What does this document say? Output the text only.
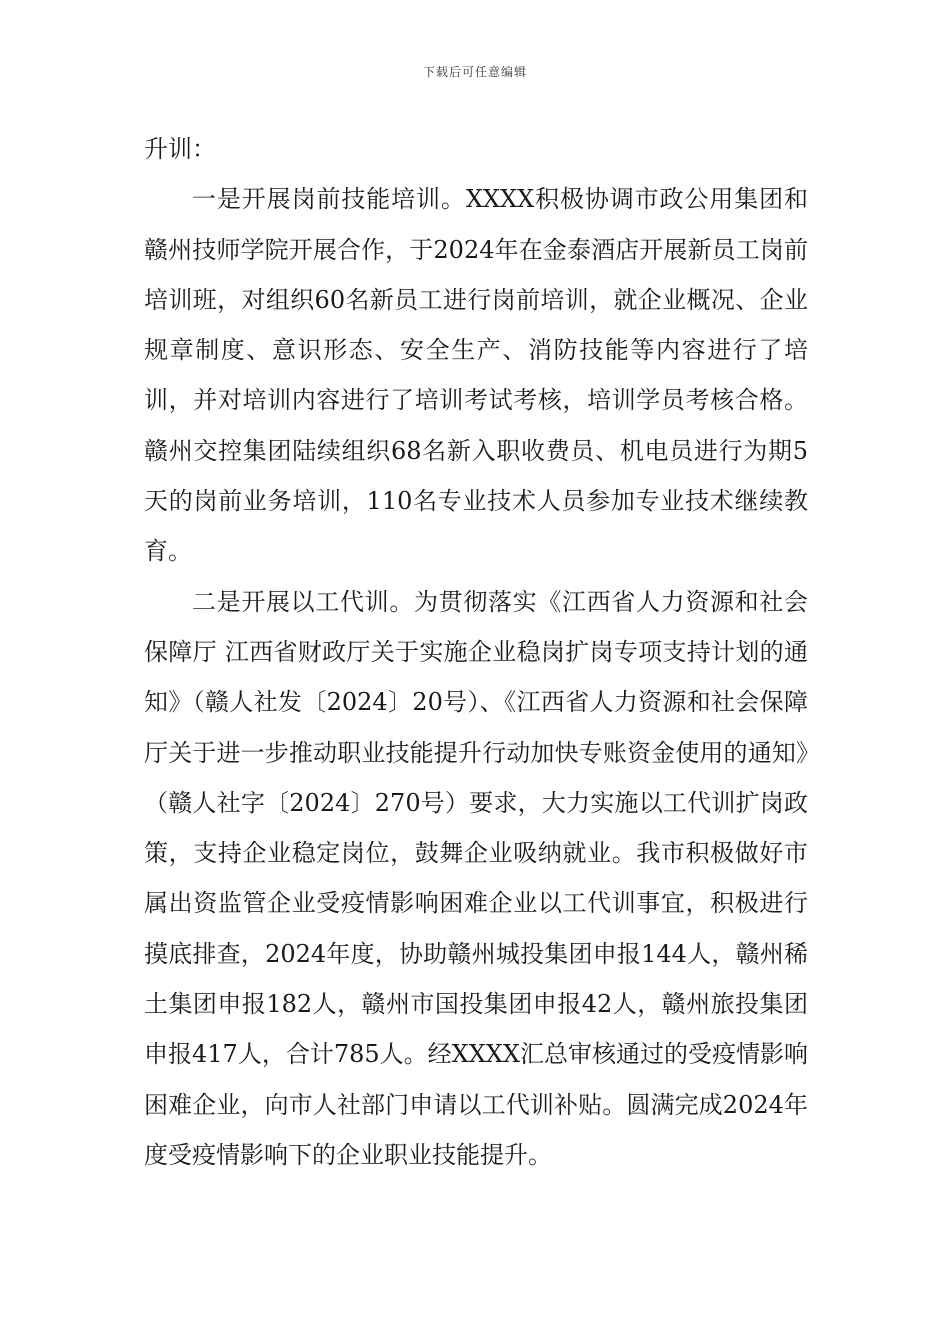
下载后可任意编辑

升训：

一是开展岗前技能培训。XXXX积极协调市政公用集团和赣州技师学院开展合作，于2024年在金泰酒店开展新员工岗前培训班，对组织60名新员工进行岗前培训，就企业概况、企业规章制度、意识形态、安全生产、消防技能等内容进行了培训，并对培训内容进行了培训考试考核，培训学员考核合格。赣州交控集团陆续组织68名新入职收费员、机电员进行为期5天的岗前业务培训，110名专业技术人员参加专业技术继续教育。

二是开展以工代训。为贯彻落实《江西省人力资源和社会保障厅 江西省财政厅关于实施企业稳岗扩岗专项支持计划的通知》（赣人社发〔2024〕20号）、《江西省人力资源和社会保障厅关于进一步推动职业技能提升行动加快专账资金使用的通知》（赣人社字〔2024〕270号）要求，大力实施以工代训扩岗政策，支持企业稳定岗位，鼓舞企业吸纳就业。我市积极做好市属出资监管企业受疫情影响困难企业以工代训事宜，积极进行摸底排查，2024年度，协助赣州城投集团申报144人，赣州稀土集团申报182人，赣州市国投集团申报42人，赣州旅投集团申报417人，合计785人。经XXXX汇总审核通过的受疫情影响困难企业，向市人社部门申请以工代训补贴。圆满完成2024年度受疫情影响下的企业职业技能提升。
